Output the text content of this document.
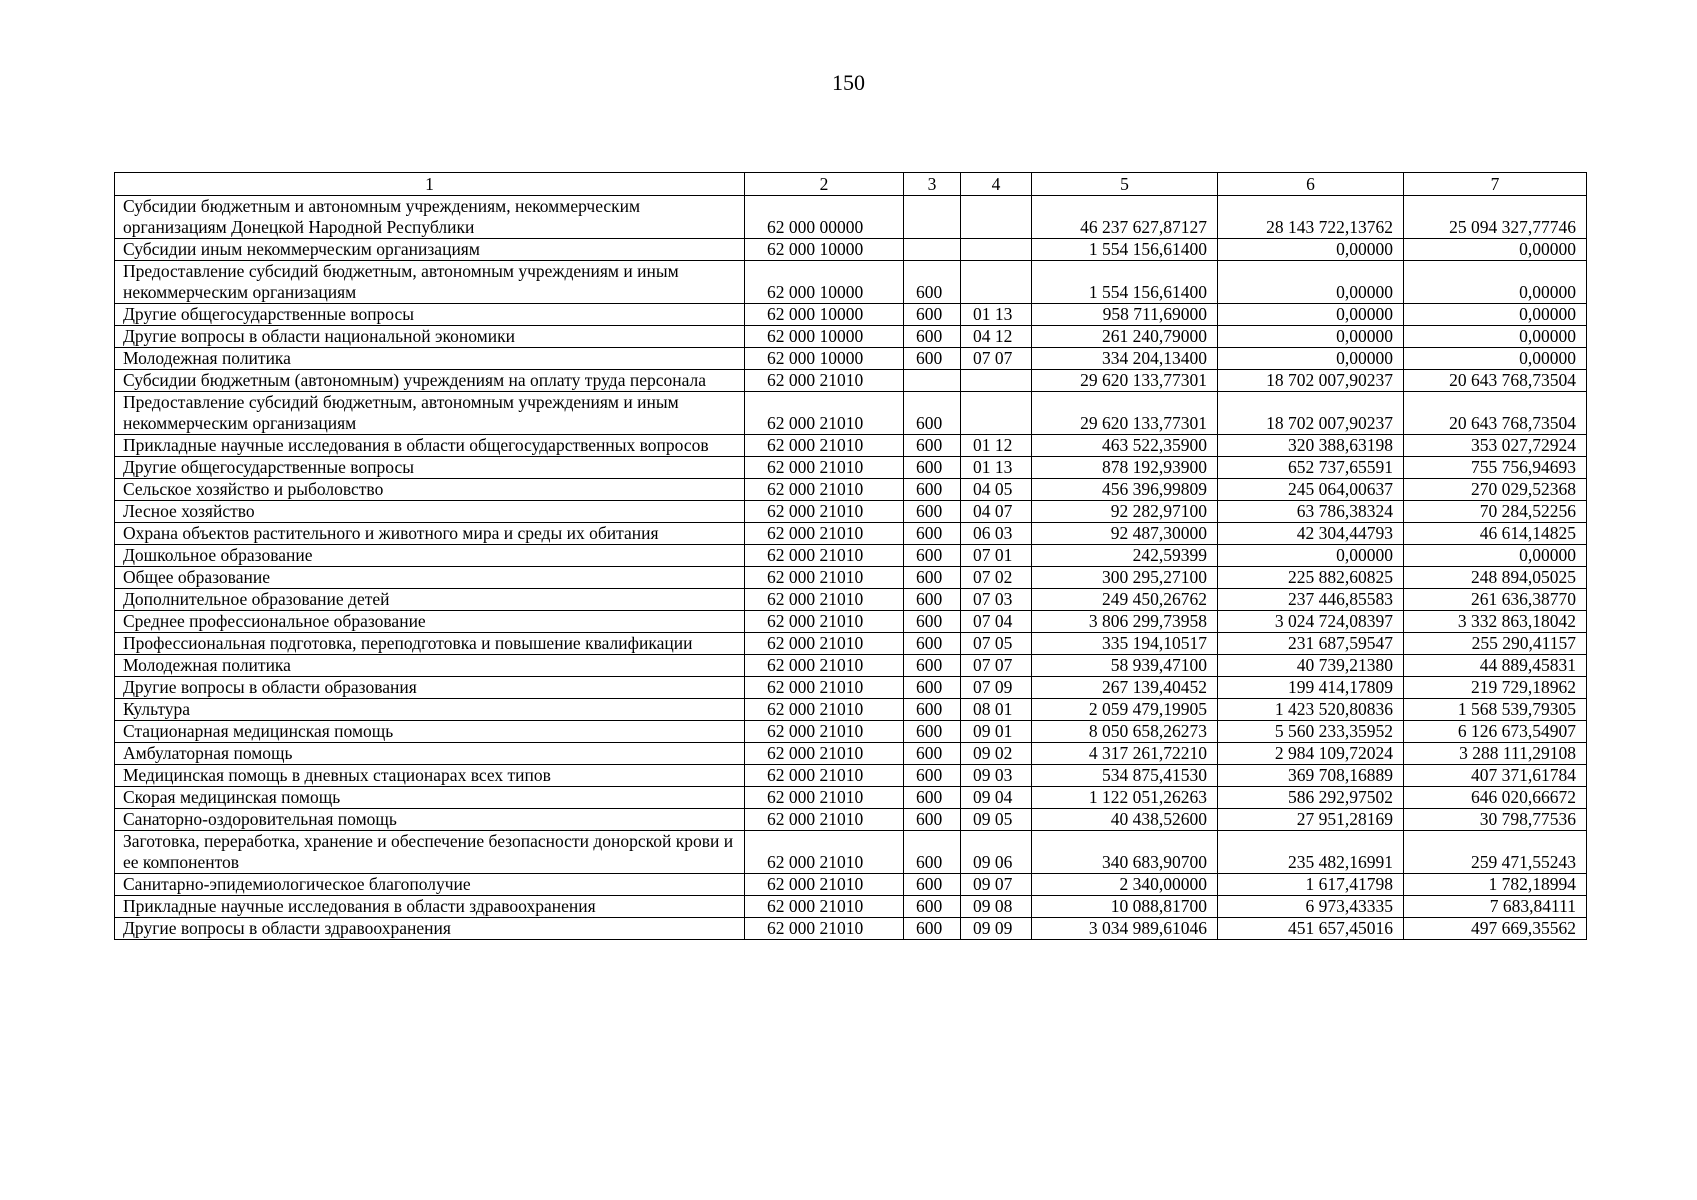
150
1	2	3	4	5	6	7
Субсидии бюджетным и автономным учреждениям, некоммерческим организациям Донецкой Народной Республики	62 000 00000			46 237 627,87127	28 143 722,13762	25 094 327,77746
Субсидии иным некоммерческим организациям	62 000 10000			1 554 156,61400	0,00000	0,00000
Предоставление субсидий бюджетным, автономным учреждениям и иным некоммерческим организациям	62 000 10000	600		1 554 156,61400	0,00000	0,00000
Другие общегосударственные вопросы	62 000 10000	600	01 13	958 711,69000	0,00000	0,00000
Другие вопросы в области национальной экономики	62 000 10000	600	04 12	261 240,79000	0,00000	0,00000
Молодежная политика	62 000 10000	600	07 07	334 204,13400	0,00000	0,00000
Субсидии бюджетным (автономным) учреждениям на оплату труда персонала	62 000 21010			29 620 133,77301	18 702 007,90237	20 643 768,73504
Предоставление субсидий бюджетным, автономным учреждениям и иным некоммерческим организациям	62 000 21010	600		29 620 133,77301	18 702 007,90237	20 643 768,73504
Прикладные научные исследования в области общегосударственных вопросов	62 000 21010	600	01 12	463 522,35900	320 388,63198	353 027,72924
Другие общегосударственные вопросы	62 000 21010	600	01 13	878 192,93900	652 737,65591	755 756,94693
Сельское хозяйство и рыболовство	62 000 21010	600	04 05	456 396,99809	245 064,00637	270 029,52368
Лесное хозяйство	62 000 21010	600	04 07	92 282,97100	63 786,38324	70 284,52256
Охрана объектов растительного и животного мира и среды их обитания	62 000 21010	600	06 03	92 487,30000	42 304,44793	46 614,14825
Дошкольное образование	62 000 21010	600	07 01	242,59399	0,00000	0,00000
Общее образование	62 000 21010	600	07 02	300 295,27100	225 882,60825	248 894,05025
Дополнительное образование детей	62 000 21010	600	07 03	249 450,26762	237 446,85583	261 636,38770
Среднее профессиональное образование	62 000 21010	600	07 04	3 806 299,73958	3 024 724,08397	3 332 863,18042
Профессиональная подготовка, переподготовка и повышение квалификации	62 000 21010	600	07 05	335 194,10517	231 687,59547	255 290,41157
Молодежная политика	62 000 21010	600	07 07	58 939,47100	40 739,21380	44 889,45831
Другие вопросы в области образования	62 000 21010	600	07 09	267 139,40452	199 414,17809	219 729,18962
Культура	62 000 21010	600	08 01	2 059 479,19905	1 423 520,80836	1 568 539,79305
Стационарная медицинская помощь	62 000 21010	600	09 01	8 050 658,26273	5 560 233,35952	6 126 673,54907
Амбулаторная помощь	62 000 21010	600	09 02	4 317 261,72210	2 984 109,72024	3 288 111,29108
Медицинская помощь в дневных стационарах всех типов	62 000 21010	600	09 03	534 875,41530	369 708,16889	407 371,61784
Скорая медицинская помощь	62 000 21010	600	09 04	1 122 051,26263	586 292,97502	646 020,66672
Санаторно-оздоровительная помощь	62 000 21010	600	09 05	40 438,52600	27 951,28169	30 798,77536
Заготовка, переработка, хранение и обеспечение безопасности донорской крови и ее компонентов	62 000 21010	600	09 06	340 683,90700	235 482,16991	259 471,55243
Санитарно-эпидемиологическое благополучие	62 000 21010	600	09 07	2 340,00000	1 617,41798	1 782,18994
Прикладные научные исследования в области здравоохранения	62 000 21010	600	09 08	10 088,81700	6 973,43335	7 683,84111
Другие вопросы в области здравоохранения	62 000 21010	600	09 09	3 034 989,61046	451 657,45016	497 669,35562
